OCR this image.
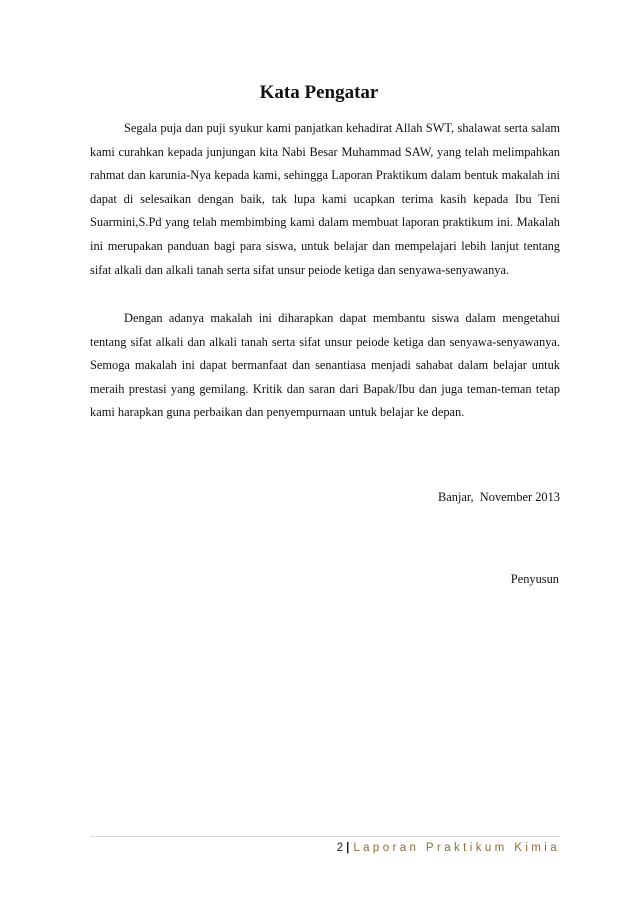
Kata Pengatar

Segala puja dan puji syukur kami panjatkan kehadirat Allah SWT, shalawat serta salam kami curahkan kepada junjungan kita Nabi Besar Muhammad SAW, yang telah melimpahkan rahmat dan karunia-Nya kepada kami, sehingga Laporan Praktikum dalam bentuk makalah ini dapat di selesaikan dengan baik, tak lupa kami ucapkan terima kasih kepada Ibu Teni Suarmini,S.Pd yang telah membimbing kami dalam membuat laporan praktikum ini. Makalah ini merupakan panduan bagi para siswa, untuk belajar dan mempelajari lebih lanjut tentang sifat alkali dan alkali tanah serta sifat unsur peiode ketiga dan senyawa-senyawanya.

Dengan adanya makalah ini diharapkan dapat membantu siswa dalam mengetahui tentang sifat alkali dan alkali tanah serta sifat unsur peiode ketiga dan senyawa-senyawanya. Semoga makalah ini dapat bermanfaat dan senantiasa menjadi sahabat dalam belajar untuk meraih prestasi yang gemilang. Kritik dan saran dari Bapak/Ibu dan juga teman-teman tetap kami harapkan guna perbaikan dan penyempurnaan untuk belajar ke depan.

Banjar,  November 2013

Penyusun

2 | Laporan Praktikum Kimia
